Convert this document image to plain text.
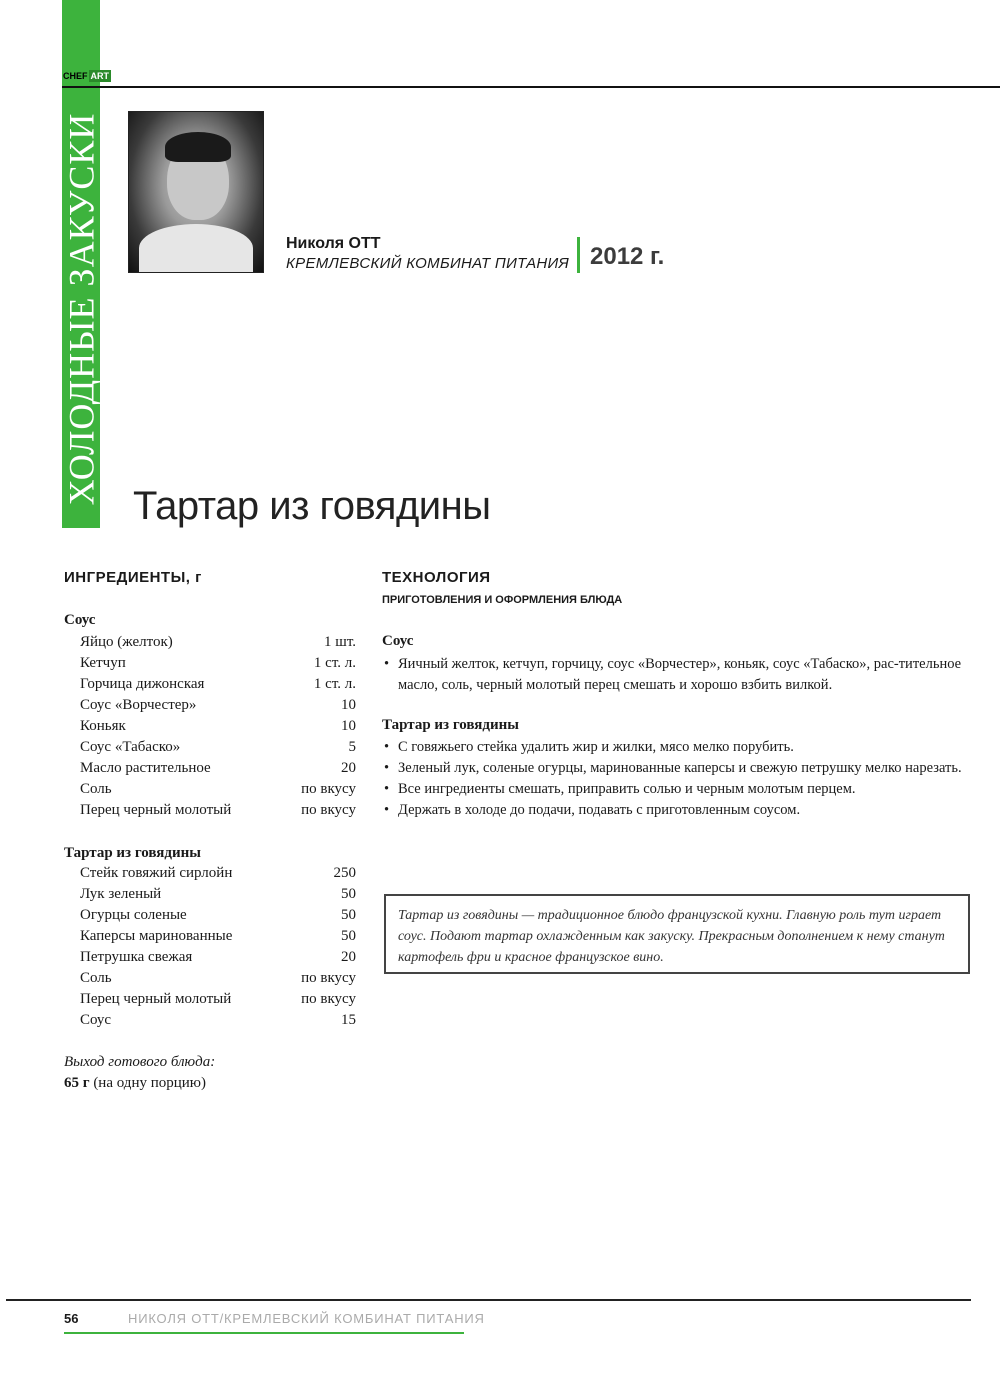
ХОЛОДНЫЕ ЗАКУСКИ
CHEF ART
Николя ОТТ
КРЕМЛЕВСКИЙ КОМБИНАТ ПИТАНИЯ 2012 г.
Тартар из говядины
ИНГРЕДИЕНТЫ, г
Соус
Яйцо (желток)	1 шт.
Кетчуп	1 ст. л.
Горчица дижонская	1 ст. л.
Соус «Ворчестер»	10
Коньяк	10
Соус «Табаско»	5
Масло растительное	20
Соль	по вкусу
Перец черный молотый	по вкусу
Тартар из говядины
Стейк говяжий сирлойн	250
Лук зеленый	50
Огурцы соленые	50
Каперсы маринованные	50
Петрушка свежая	20
Соль	по вкусу
Перец черный молотый	по вкусу
Соус	15
Выход готового блюда:
65 г (на одну порцию)
ТЕХНОЛОГИЯ
ПРИГОТОВЛЕНИЯ И ОФОРМЛЕНИЯ БЛЮДА
Соус
• Яичный желток, кетчуп, горчицу, соус «Ворчестер», коньяк, соус «Табаско», рас-тительное масло, соль, черный молотый перец смешать и хорошо взбить вилкой.
Тартар из говядины
• С говяжьего стейка удалить жир и жилки, мясо мелко порубить.
• Зеленый лук, соленые огурцы, маринованные каперсы и свежую петрушку мелко нарезать.
• Все ингредиенты смешать, приправить солью и черным молотым перцем.
• Держать в холоде до подачи, подавать с приготовленным соусом.
Тартар из говядины — традиционное блюдо французской кухни. Главную роль тут играет соус. Подают тартар охлажденным как закуску. Прекрасным дополнением к нему станут картофель фри и красное французское вино.
56	НИКОЛЯ ОТТ/КРЕМЛЕВСКИЙ КОМБИНАТ ПИТАНИЯ
